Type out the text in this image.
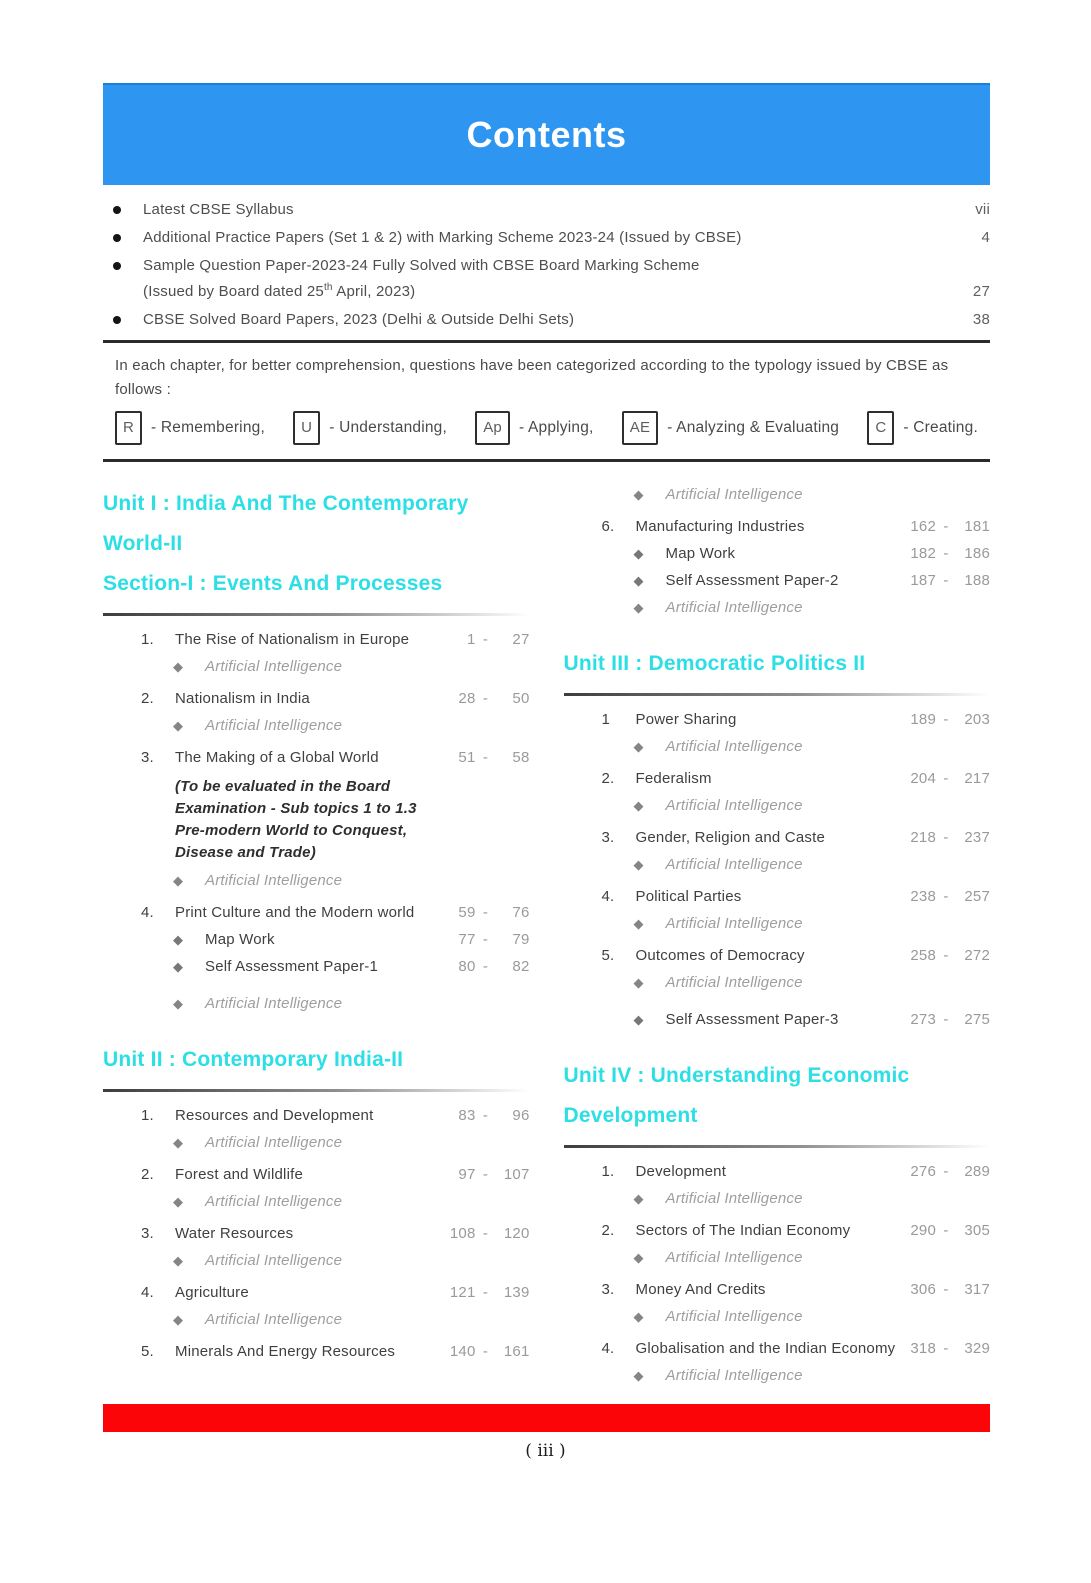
Contents
Latest CBSE Syllabus	vii
Additional Practice Papers (Set 1 & 2) with Marking Scheme 2023-24 (Issued by CBSE)	4
Sample Question Paper-2023-24 Fully Solved with CBSE Board Marking Scheme
(Issued by Board dated 25th April, 2023)	27
CBSE Solved Board Papers, 2023 (Delhi & Outside Delhi Sets)	38

In each chapter, for better comprehension, questions have been categorized according to the typology issued by CBSE as follows :

R	- Remembering,	U	- Understanding,	Ap	- Applying,	AE	- Analyzing & Evaluating	C	- Creating.
Unit I : India And The Contemporary
World-II
Section-I : Events And Processes
1.	The Rise of Nationalism in Europe	1 -	27
◆	Artificial Intelligence
2.	Nationalism in India	28 -	50
◆	Artificial Intelligence
3.	The Making of a Global World	51 -	58
(To be evaluated in the Board Examination - Sub topics 1 to 1.3 Pre-modern World to Conquest, Disease and Trade)
◆	Artificial Intelligence
4.	Print Culture and the Modern world	59 -	76
◆	Map Work	77 -	79
◆	Self Assessment Paper-1	80 -	82
◆	Artificial Intelligence
Unit II : Contemporary India-II
1.	Resources and Development	83 -	96
◆	Artificial Intelligence
2.	Forest and Wildlife	97 -	107
◆	Artificial Intelligence
3.	Water Resources	108 -	120
◆	Artificial Intelligence
4.	Agriculture	121 -	139
◆	Artificial Intelligence
5.	Minerals And Energy Resources	140 -	161
◆	Artificial Intelligence
6.	Manufacturing Industries	162 -	181
◆	Map Work	182 -	186
◆	Self Assessment Paper-2	187 -	188
◆	Artificial Intelligence
Unit III : Democratic Politics II
1	Power Sharing	189 -	203
◆	Artificial Intelligence
2.	Federalism	204 -	217
◆	Artificial Intelligence
3.	Gender, Religion and Caste	218 -	237
◆	Artificial Intelligence
4.	Political Parties	238 -	257
◆	Artificial Intelligence
5.	Outcomes of Democracy	258 -	272
◆	Artificial Intelligence
◆	Self Assessment Paper-3	273 -	275
Unit IV : Understanding Economic
Development
1.	Development	276 -	289
◆	Artificial Intelligence
2.	Sectors of The Indian Economy	290 -	305
◆	Artificial Intelligence
3.	Money And Credits	306 -	317
◆	Artificial Intelligence
4.	Globalisation and the Indian Economy 318 -	329
◆	Artificial Intelligence
( iii )
